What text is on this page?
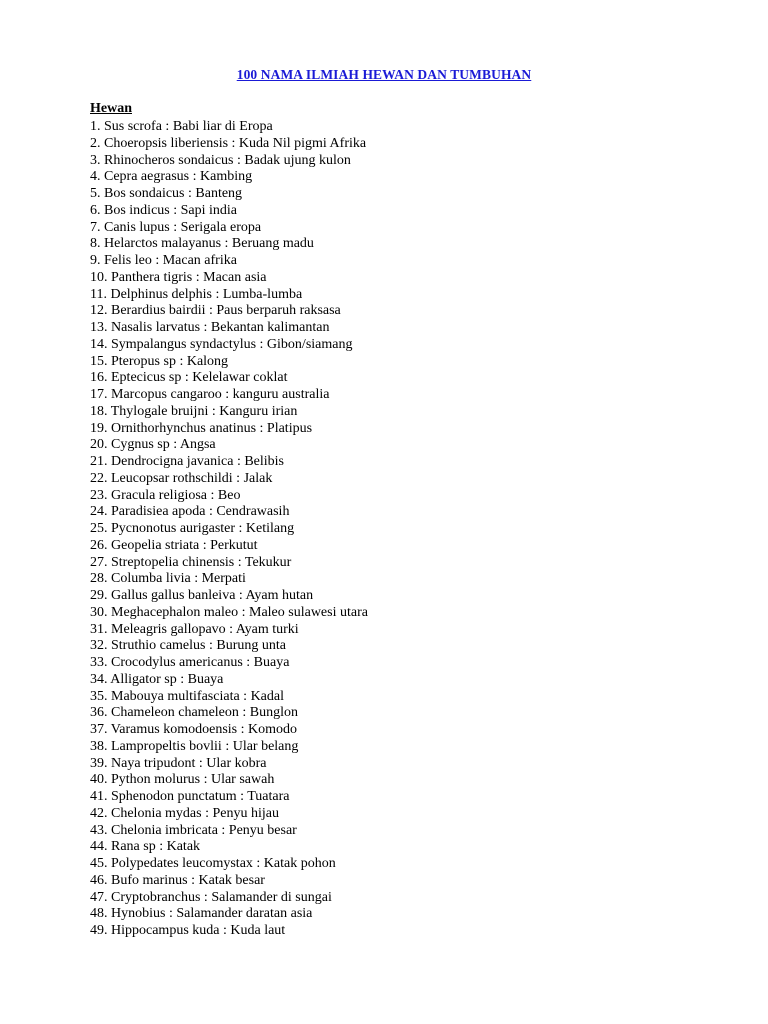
100 NAMA ILMIAH HEWAN DAN TUMBUHAN
Hewan
1. Sus scrofa : Babi liar di Eropa
2. Choeropsis liberiensis : Kuda Nil pigmi Afrika
3. Rhinocheros sondaicus : Badak ujung kulon
4. Cepra aegrasus : Kambing
5. Bos sondaicus : Banteng
6. Bos indicus : Sapi india
7. Canis lupus : Serigala eropa
8. Helarctos malayanus : Beruang madu
9. Felis leo : Macan afrika
10. Panthera tigris : Macan asia
11. Delphinus delphis : Lumba-lumba
12. Berardius bairdii : Paus berparuh raksasa
13. Nasalis larvatus : Bekantan kalimantan
14. Sympalangus syndactylus : Gibon/siamang
15. Pteropus sp : Kalong
16. Eptecicus sp : Kelelawar coklat
17. Marcopus cangaroo : kanguru australia
18. Thylogale bruijni : Kanguru irian
19. Ornithorhynchus anatinus : Platipus
20. Cygnus sp : Angsa
21. Dendrocigna javanica : Belibis
22. Leucopsar rothschildi : Jalak
23. Gracula religiosa : Beo
24. Paradisiea apoda : Cendrawasih
25. Pycnonotus aurigaster : Ketilang
26. Geopelia striata : Perkutut
27. Streptopelia chinensis : Tekukur
28. Columba livia : Merpati
29. Gallus gallus banleiva : Ayam hutan
30. Meghacephalon maleo : Maleo sulawesi utara
31. Meleagris gallopavo : Ayam turki
32. Struthio camelus : Burung unta
33. Crocodylus americanus : Buaya
34. Alligator sp : Buaya
35. Mabouya multifasciata : Kadal
36. Chameleon chameleon : Bunglon
37. Varamus komodoensis : Komodo
38. Lampropeltis bovlii : Ular belang
39. Naya tripudont : Ular kobra
40. Python molurus : Ular sawah
41. Sphenodon punctatum : Tuatara
42. Chelonia mydas : Penyu hijau
43. Chelonia imbricata : Penyu besar
44. Rana sp : Katak
45. Polypedates leucomystax : Katak pohon
46. Bufo marinus : Katak besar
47. Cryptobranchus : Salamander di sungai
48. Hynobius : Salamander daratan asia
49. Hippocampus kuda : Kuda laut
